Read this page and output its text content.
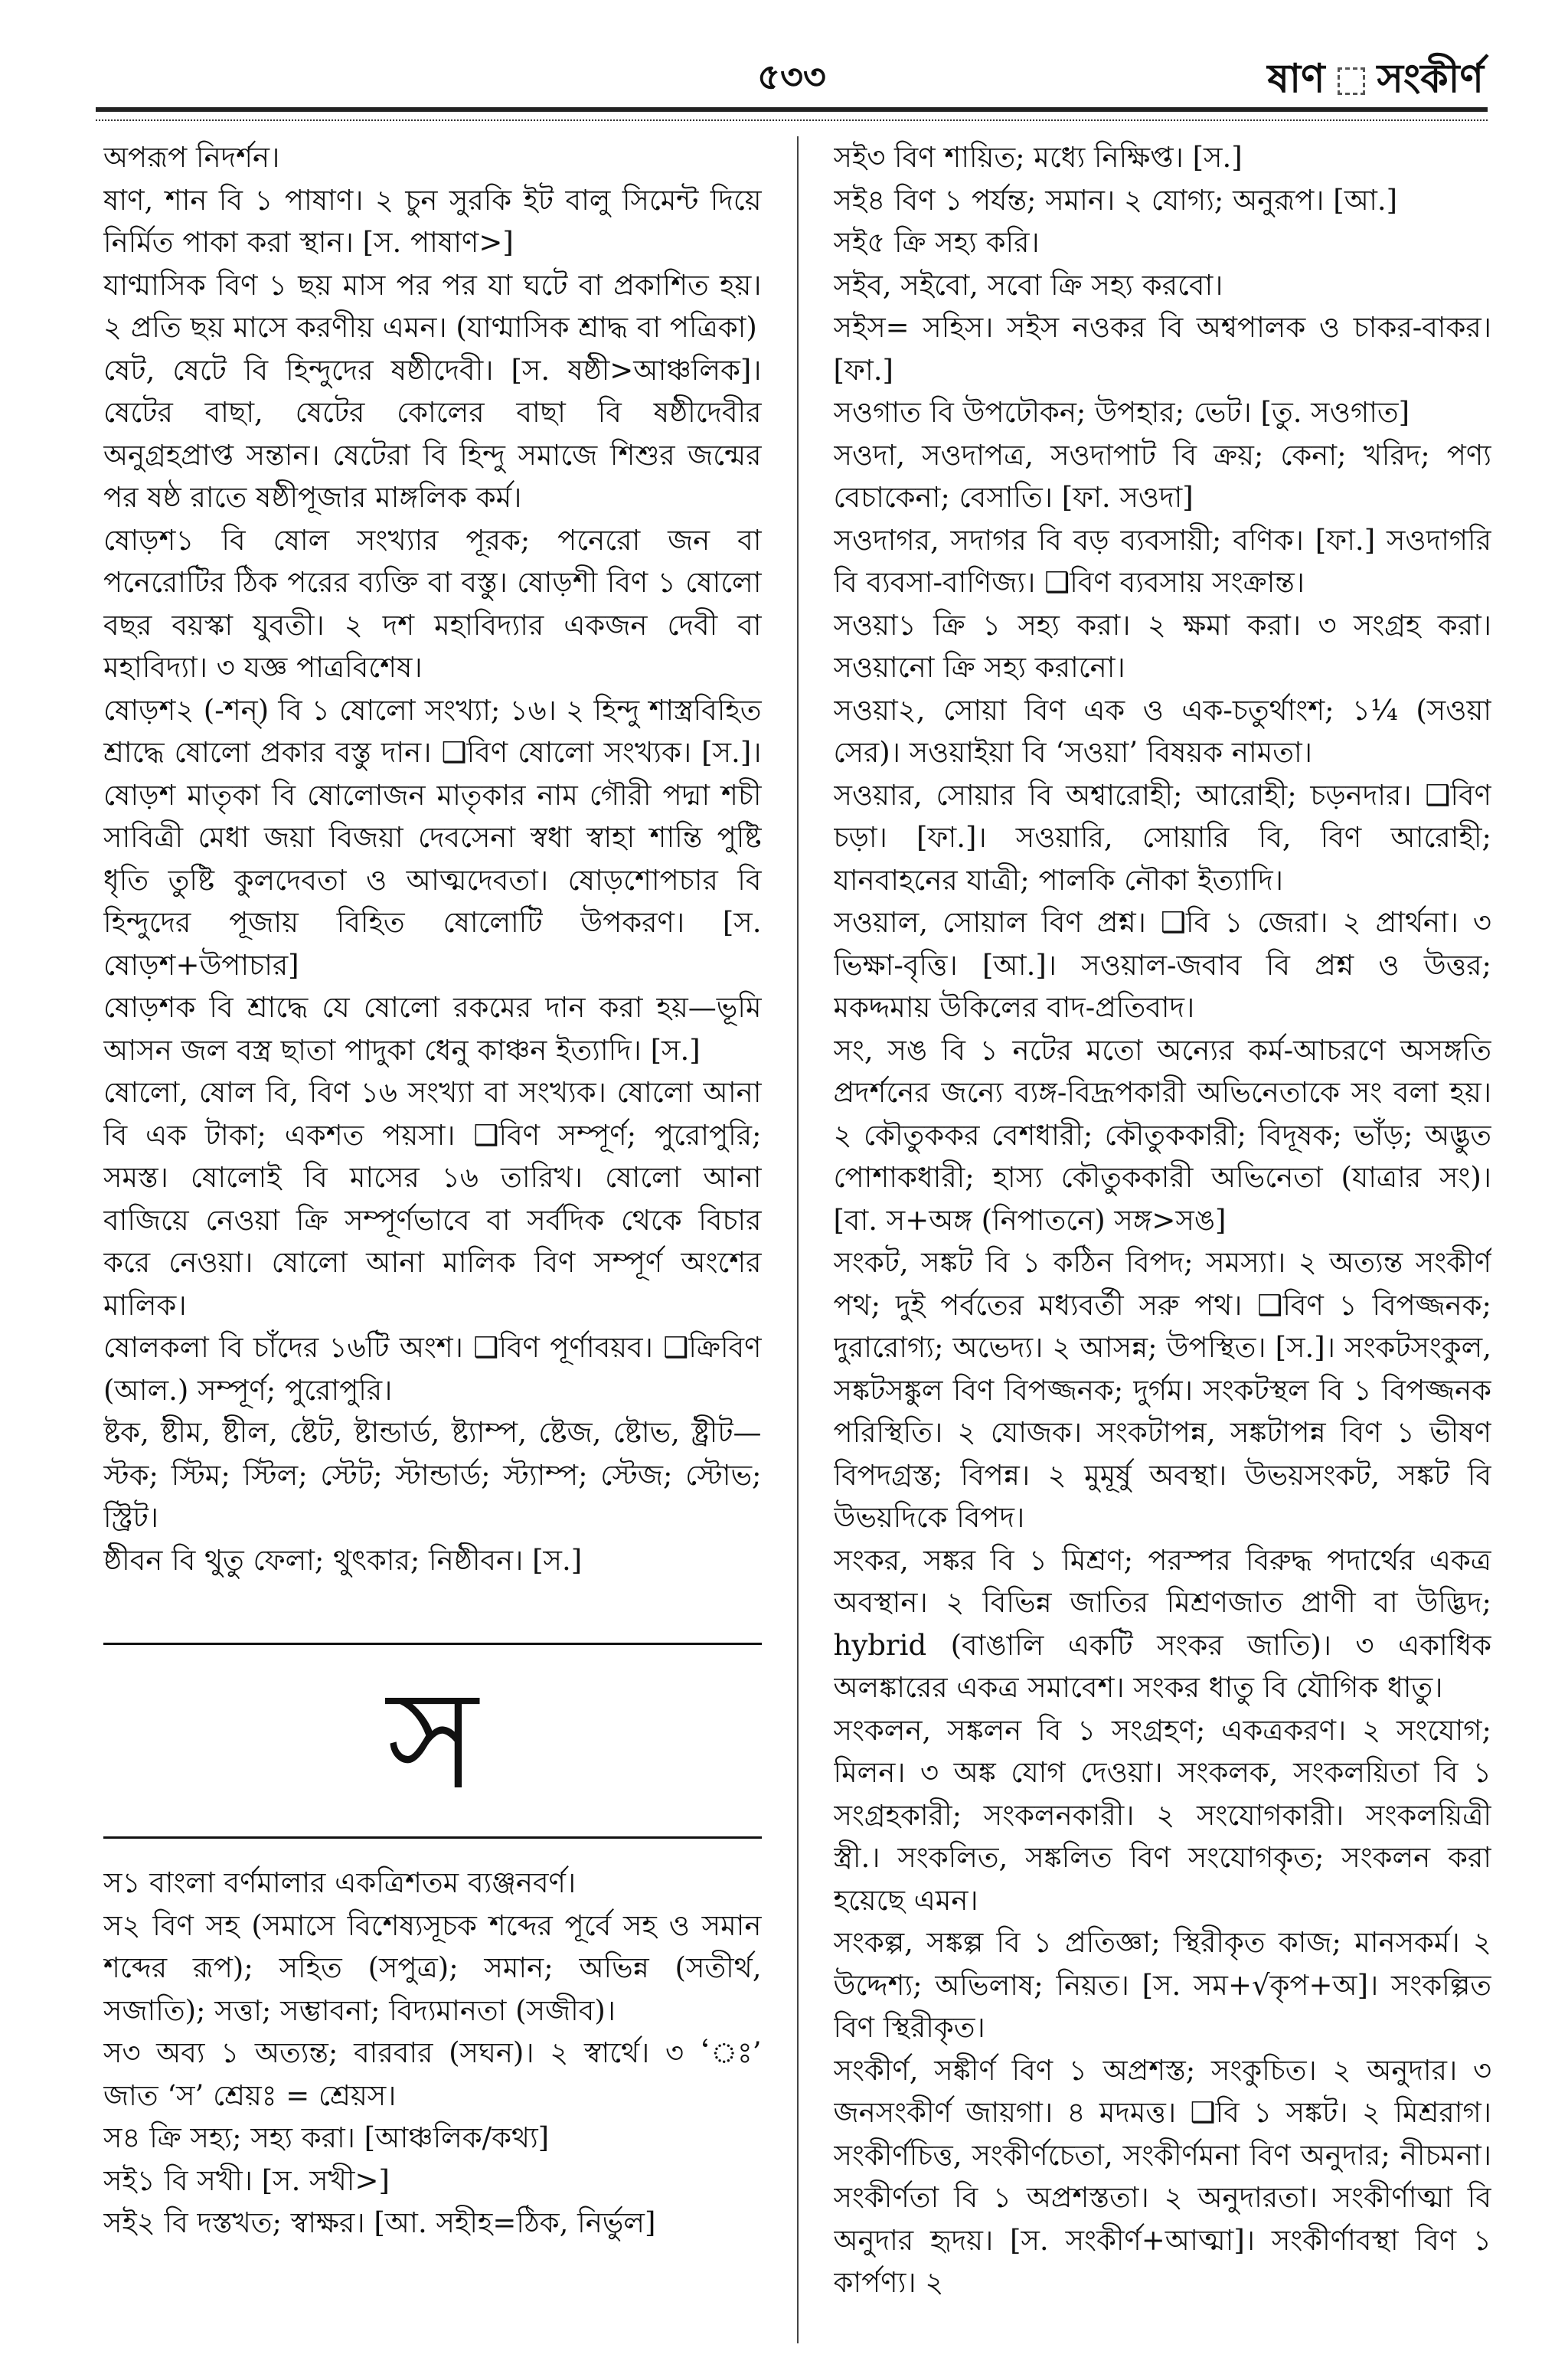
৫৩৩	ষাণ সংকীর্ণ

অপরূপ নিদর্শন।

ষাণ, শান বি ১ পাষাণ। ২ চুন সুরকি ইট বালু সিমেন্ট দিয়ে নির্মিত পাকা করা স্থান। [স. পাষাণ>]

যাণ্মাসিক বিণ ১ ছয় মাস পর পর যা ঘটে বা প্রকাশিত হয়। ২ প্রতি ছয় মাসে করণীয় এমন। (যাণ্মাসিক শ্রাদ্ধ বা পত্রিকা)

ষেট, ষেটে বি হিন্দুদের ষষ্ঠীদেবী। [স. ষষ্ঠী>আঞ্চলিক]। ষেটের বাছা, ষেটের কোলের বাছা বি ষষ্ঠীদেবীর অনুগ্রহপ্রাপ্ত সন্তান। ষেটেরা বি হিন্দু সমাজে শিশুর জন্মের পর ষষ্ঠ রাতে ষষ্ঠীপূজার মাঙ্গলিক কর্ম।

ষোড়শ১ বি ষোল সংখ্যার পূরক; পনেরো জন বা পনেরোটির ঠিক পরের ব্যক্তি বা বস্তু। ষোড়শী বিণ ১ ষোলো বছর বয়স্কা যুবতী। ২ দশ মহাবিদ্যার একজন দেবী বা মহাবিদ্যা। ৩ যজ্ঞ পাত্রবিশেষ।

ষোড়শ২ (-শন্) বি ১ ষোলো সংখ্যা; ১৬। ২ হিন্দু শাস্ত্রবিহিত শ্রাদ্ধে ষোলো প্রকার বস্তু দান। ❑বিণ ষোলো সংখ্যক। [স.]। ষোড়শ মাতৃকা বি ষোলোজন মাতৃকার নাম গৌরী পদ্মা শচী সাবিত্রী মেধা জয়া বিজয়া দেবসেনা স্বধা স্বাহা শান্তি পুষ্টি ধৃতি তুষ্টি কুলদেবতা ও আত্মদেবতা। ষোড়শোপচার বি হিন্দুদের পূজায় বিহিত ষোলোটি উপকরণ। [স. ষোড়শ+উপাচার]

ষোড়শক বি শ্রাদ্ধে যে ষোলো রকমের দান করা হয়—ভূমি আসন জল বস্ত্র ছাতা পাদুকা ধেনু কাঞ্চন ইত্যাদি। [স.]

ষোলো, ষোল বি, বিণ ১৬ সংখ্যা বা সংখ্যক। ষোলো আনা বি এক টাকা; একশত পয়সা। ❑বিণ সম্পূর্ণ; পুরোপুরি; সমস্ত। ষোলোই বি মাসের ১৬ তারিখ। ষোলো আনা বাজিয়ে নেওয়া ক্রি সম্পূর্ণভাবে বা সর্বদিক থেকে বিচার করে নেওয়া। ষোলো আনা মালিক বিণ সম্পূর্ণ অংশের মালিক।

ষোলকলা বি চাঁদের ১৬টি অংশ। ❑বিণ পূর্ণাবয়ব। ❑ক্রিবিণ (আল.) সম্পূর্ণ; পুরোপুরি।

ষ্টক, ষ্টীম, ষ্টীল, ষ্টেট, ষ্টান্ডার্ড, ষ্ট্যাম্প, ষ্টেজ, ষ্টোভ, ষ্ট্রীট—স্টক; স্টিম; স্টিল; স্টেট; স্টান্ডার্ড; স্ট্যাম্প; স্টেজ; স্টোভ; স্ট্রিট।

ষ্ঠীবন বি থুতু ফেলা; থুৎকার; নিষ্ঠীবন। [স.]

স

স১ বাংলা বর্ণমালার একত্রিশতম ব্যঞ্জনবর্ণ।

স২ বিণ সহ (সমাসে বিশেষ্যসূচক শব্দের পূর্বে সহ ও সমান শব্দের রূপ); সহিত (সপুত্র); সমান; অভিন্ন (সতীর্থ, সজাতি); সত্তা; সম্ভাবনা; বিদ্যমানতা (সজীব)।

স৩ অব্য ১ অত্যন্ত; বারবার (সঘন)। ২ স্বার্থে। ৩ ‘ঃ’ জাত ‘স’ শ্রেয়ঃ = শ্রেয়স।

স৪ ক্রি সহ্য; সহ্য করা। [আঞ্চলিক/কথ্য]

সই১ বি সখী। [স. সখী>]

সই২ বি দস্তখত; স্বাক্ষর। [আ. সহীহ=ঠিক, নির্ভুল]

সই৩ বিণ শায়িত; মধ্যে নিক্ষিপ্ত। [স.]

সই৪ বিণ ১ পর্যন্ত; সমান। ২ যোগ্য; অনুরূপ। [আ.]

সই৫ ক্রি সহ্য করি।

সইব, সইবো, সবো ক্রি সহ্য করবো।

সইস= সহিস। সইস নওকর বি অশ্বপালক ও চাকর-বাকর। [ফা.]

সওগাত বি উপঢৌকন; উপহার; ভেট। [তু. সওগাত]

সওদা, সওদাপত্র, সওদাপাট বি ক্রয়; কেনা; খরিদ; পণ্য বেচাকেনা; বেসাতি। [ফা. সওদা]

সওদাগর, সদাগর বি বড় ব্যবসায়ী; বণিক। [ফা.] সওদাগরি বি ব্যবসা-বাণিজ্য। ❑বিণ ব্যবসায় সংক্রান্ত।

সওয়া১ ক্রি ১ সহ্য করা। ২ ক্ষমা করা। ৩ সংগ্রহ করা। সওয়ানো ক্রি সহ্য করানো।

সওয়া২, সোয়া বিণ এক ও এক-চতুর্থাংশ; ১¼ (সওয়া সের)। সওয়াইয়া বি ‘সওয়া’ বিষয়ক নামতা।

সওয়ার, সোয়ার বি অশ্বারোহী; আরোহী; চড়নদার। ❑বিণ চড়া। [ফা.]। সওয়ারি, সোয়ারি বি, বিণ আরোহী; যানবাহনের যাত্রী; পালকি নৌকা ইত্যাদি।

সওয়াল, সোয়াল বিণ প্রশ্ন। ❑বি ১ জেরা। ২ প্রার্থনা। ৩ ভিক্ষা-বৃত্তি। [আ.]। সওয়াল-জবাব বি প্রশ্ন ও উত্তর; মকদ্দমায় উকিলের বাদ-প্রতিবাদ।

সং, সঙ বি ১ নটের মতো অন্যের কর্ম-আচরণে অসঙ্গতি প্রদর্শনের জন্যে ব্যঙ্গ-বিদ্রূপকারী অভিনেতাকে সং বলা হয়। ২ কৌতুককর বেশধারী; কৌতুককারী; বিদূষক; ভাঁড়; অদ্ভুত পোশাকধারী; হাস্য কৌতুককারী অভিনেতা (যাত্রার সং)। [বা. স+অঙ্গ (নিপাতনে) সঙ্গ>সঙ]

সংকট, সঙ্কট বি ১ কঠিন বিপদ; সমস্যা। ২ অত্যন্ত সংকীর্ণ পথ; দুই পর্বতের মধ্যবর্তী সরু পথ। ❑বিণ ১ বিপজ্জনক; দুরারোগ্য; অভেদ্য। ২ আসন্ন; উপস্থিত। [স.]। সংকটসংকুল, সঙ্কটসঙ্কুল বিণ বিপজ্জনক; দুর্গম। সংকটস্থল বি ১ বিপজ্জনক পরিস্থিতি। ২ যোজক। সংকটাপন্ন, সঙ্কটাপন্ন বিণ ১ ভীষণ বিপদগ্রস্ত; বিপন্ন। ২ মুমূর্ষু অবস্থা। উভয়সংকট, সঙ্কট বি উভয়দিকে বিপদ।

সংকর, সঙ্কর বি ১ মিশ্রণ; পরস্পর বিরুদ্ধ পদার্থের একত্র অবস্থান। ২ বিভিন্ন জাতির মিশ্রণজাত প্রাণী বা উদ্ভিদ; hybrid (বাঙালি একটি সংকর জাতি)। ৩ একাধিক অলঙ্কারের একত্র সমাবেশ। সংকর ধাতু বি যৌগিক ধাতু।

সংকলন, সঙ্কলন বি ১ সংগ্রহণ; একত্রকরণ। ২ সংযোগ; মিলন। ৩ অঙ্ক যোগ দেওয়া। সংকলক, সংকলয়িতা বি ১ সংগ্রহকারী; সংকলনকারী। ২ সংযোগকারী। সংকলয়িত্রী স্ত্রী.। সংকলিত, সঙ্কলিত বিণ সংযোগকৃত; সংকলন করা হয়েছে এমন।

সংকল্প, সঙ্কল্প বি ১ প্রতিজ্ঞা; স্থিরীকৃত কাজ; মানসকর্ম। ২ উদ্দেশ্য; অভিলাষ; নিয়ত। [স. সম+√কৃপ+অ]। সংকল্পিত বিণ স্থিরীকৃত।

সংকীর্ণ, সঙ্কীর্ণ বিণ ১ অপ্রশস্ত; সংকুচিত। ২ অনুদার। ৩ জনসংকীর্ণ জায়গা। ৪ মদমত্ত। ❑বি ১ সঙ্কট। ২ মিশ্ররাগ। সংকীর্ণচিত্ত, সংকীর্ণচেতা, সংকীর্ণমনা বিণ অনুদার; নীচমনা। সংকীর্ণতা বি ১ অপ্রশস্ততা। ২ অনুদারতা। সংকীর্ণাত্মা বি অনুদার হৃদয়। [স. সংকীর্ণ+আত্মা]। সংকীর্ণাবস্থা বিণ ১ কার্পণ্য। ২
